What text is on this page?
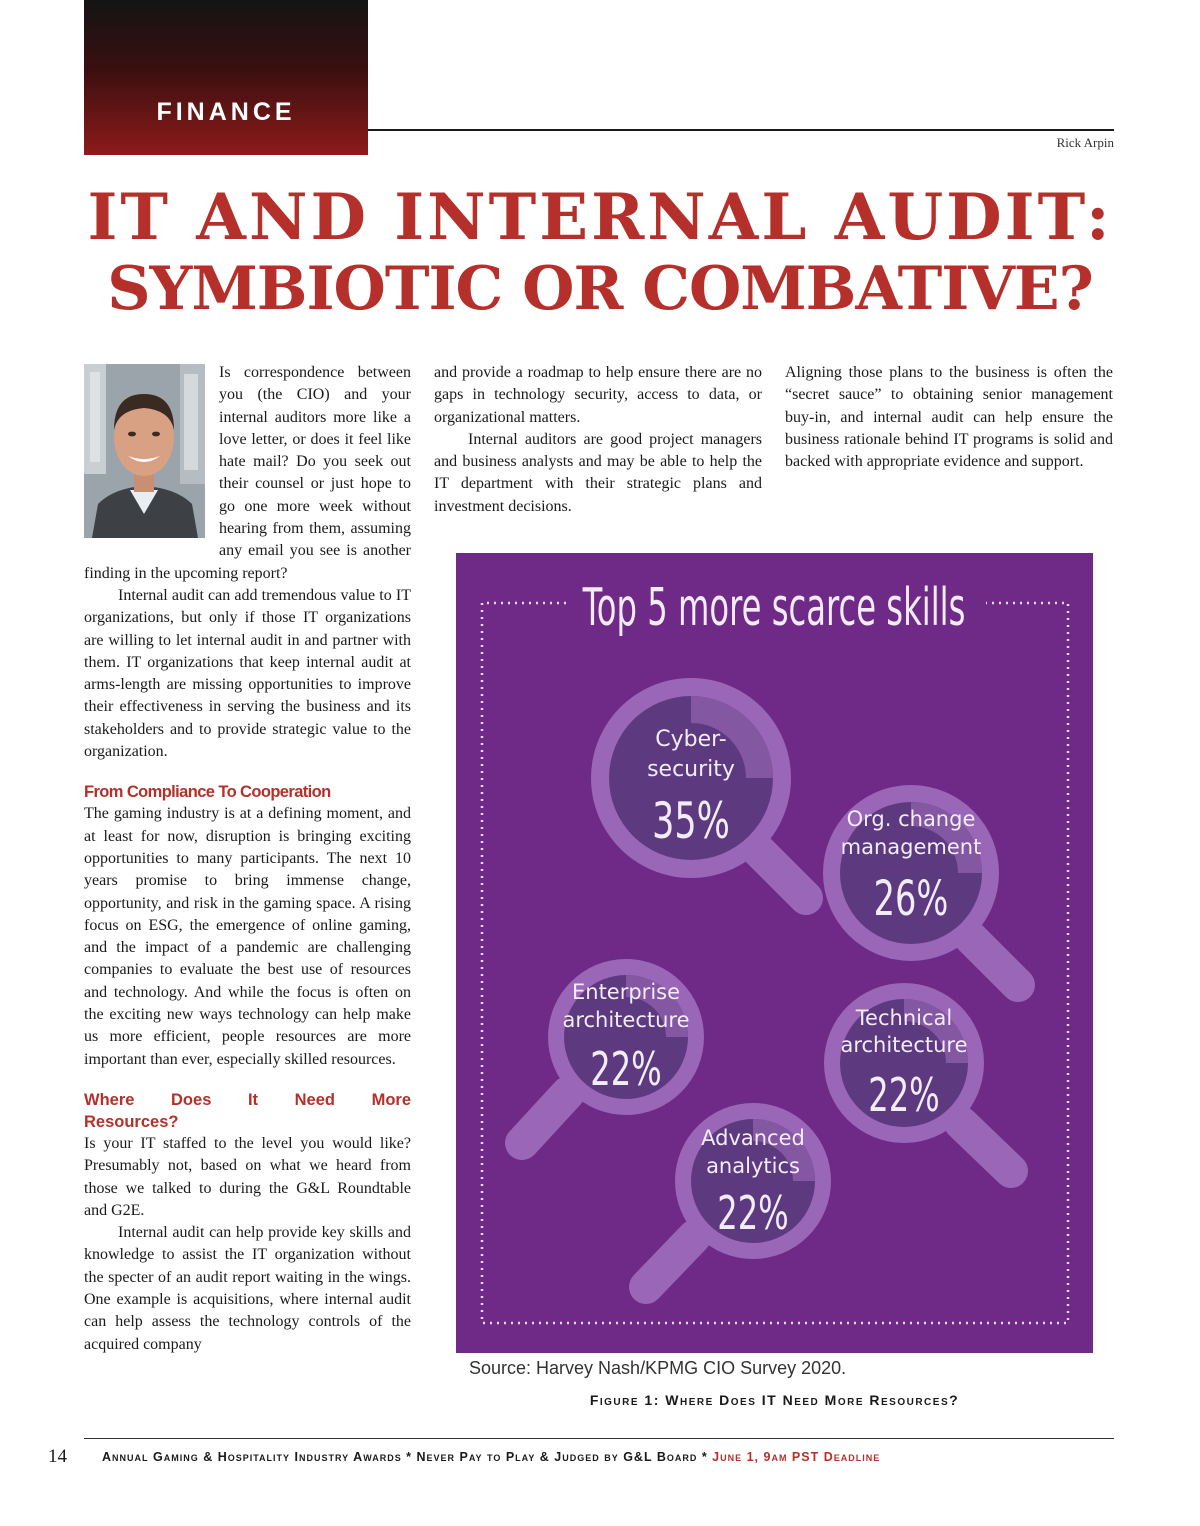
FINANCE
Rick Arpin
IT AND INTERNAL AUDIT:
SYMBIOTIC OR COMBATIVE?

Is correspondence between you (the CIO) and your internal auditors more like a love letter, or does it feel like hate mail? Do you seek out their counsel or just hope to go one more week without hearing from them, assuming any email you see is another finding in the upcoming report?

Internal audit can add tremendous value to IT organizations, but only if those IT organizations are willing to let internal audit in and partner with them. IT organizations that keep internal audit at arms-length are missing opportunities to improve their effectiveness in serving the business and its stakeholders and to provide strategic value to the organization.

From Compliance To Cooperation

The gaming industry is at a defining moment, and at least for now, disruption is bringing exciting opportunities to many participants. The next 10 years promise to bring immense change, opportunity, and risk in the gaming space. A rising focus on ESG, the emergence of online gaming, and the impact of a pandemic are challenging companies to evaluate the best use of resources and technology. And while the focus is often on the exciting new ways technology can help make us more efficient, people resources are more important than ever, especially skilled resources.

Where Does It Need More Resources?

Is your IT staffed to the level you would like? Presumably not, based on what we heard from those we talked to during the G&L Roundtable and G2E.

Internal audit can help provide key skills and knowledge to assist the IT organization without the specter of an audit report waiting in the wings. One example is acquisitions, where internal audit can help assess the technology controls of the acquired company

and provide a roadmap to help ensure there are no gaps in technology security, access to data, or organizational matters.

Internal auditors are good project managers and business analysts and may be able to help the IT department with their strategic plans and investment decisions.

Aligning those plans to the business is often the “secret sauce” to obtaining senior management buy-in, and internal audit can help ensure the business rationale behind IT programs is solid and backed with appropriate evidence and support.

Top 5 more scarce skills
Cyber-
security
35%	Org. change
management
26%
Enterprise
architecture
22%
Technical
architecture
22%
Advanced
analytics
22%
Source: Harvey Nash/KPMG CIO Survey 2020.
Figure 1: Where Does IT Need More Resources?
14	Annual Gaming & Hospitality Industry Awards * Never Pay to Play & Judged by G&L Board * June 1, 9am PST Deadline
